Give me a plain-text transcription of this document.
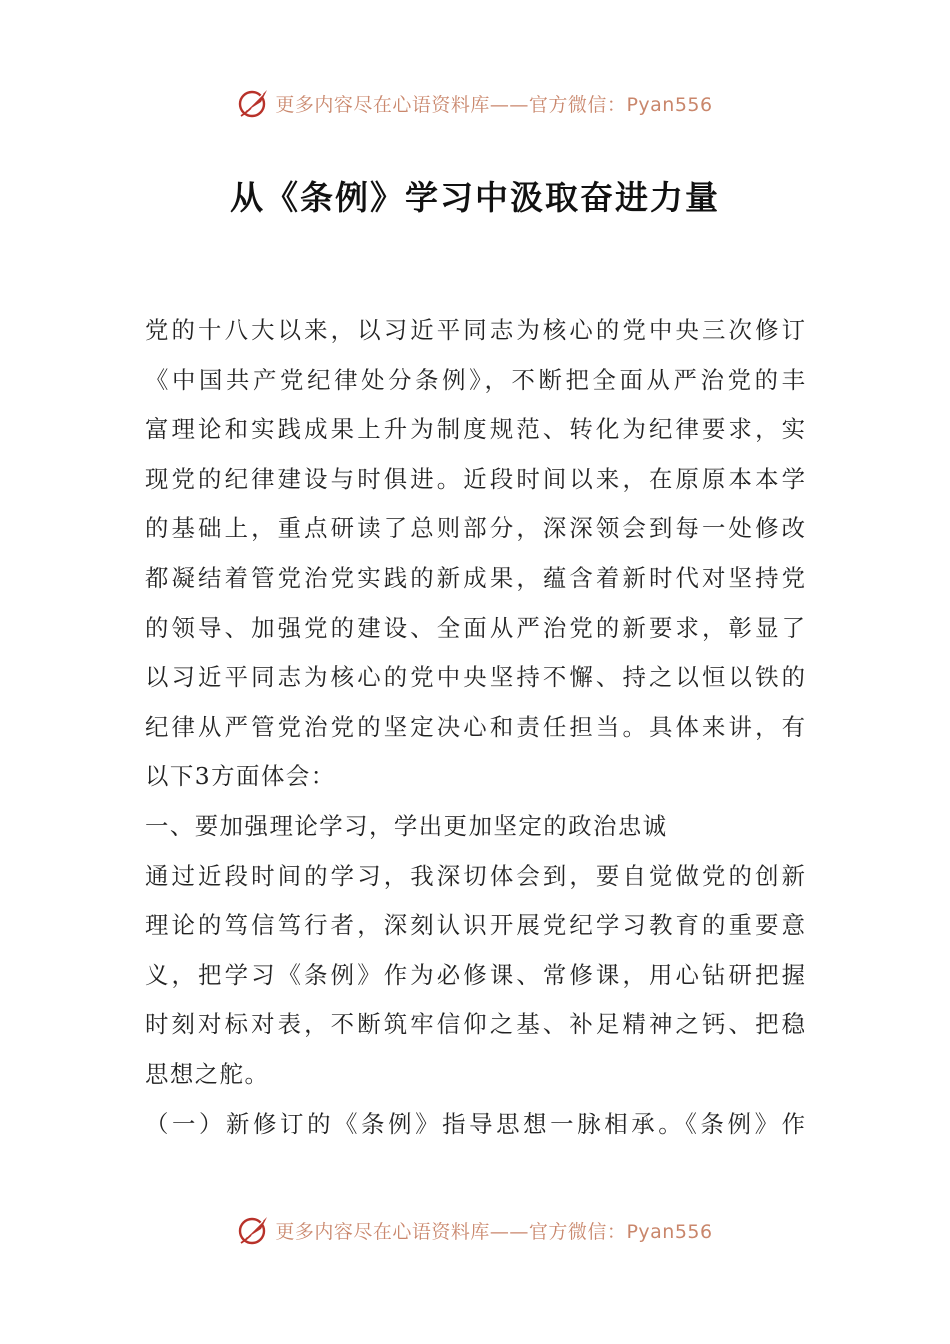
更多内容尽在心语资料库——官方微信：Pyan556
从《条例》学习中汲取奋进力量
党的十八大以来，以习近平同志为核心的党中央三次修订
《中国共产党纪律处分条例》，不断把全面从严治党的丰
富理论和实践成果上升为制度规范、转化为纪律要求，实
现党的纪律建设与时俱进。近段时间以来，在原原本本学
的基础上，重点研读了总则部分，深深领会到每一处修改
都凝结着管党治党实践的新成果，蕴含着新时代对坚持党
的领导、加强党的建设、全面从严治党的新要求，彰显了
以习近平同志为核心的党中央坚持不懈、持之以恒以铁的
纪律从严管党治党的坚定决心和责任担当。具体来讲，有
以下3方面体会：
一、要加强理论学习，学出更加坚定的政治忠诚
通过近段时间的学习，我深切体会到，要自觉做党的创新
理论的笃信笃行者，深刻认识开展党纪学习教育的重要意
义，把学习《条例》作为必修课、常修课，用心钻研把握
时刻对标对表，不断筑牢信仰之基、补足精神之钙、把稳
思想之舵。
（一）新修订的《条例》指导思想一脉相承。《条例》作
更多内容尽在心语资料库——官方微信：Pyan556
